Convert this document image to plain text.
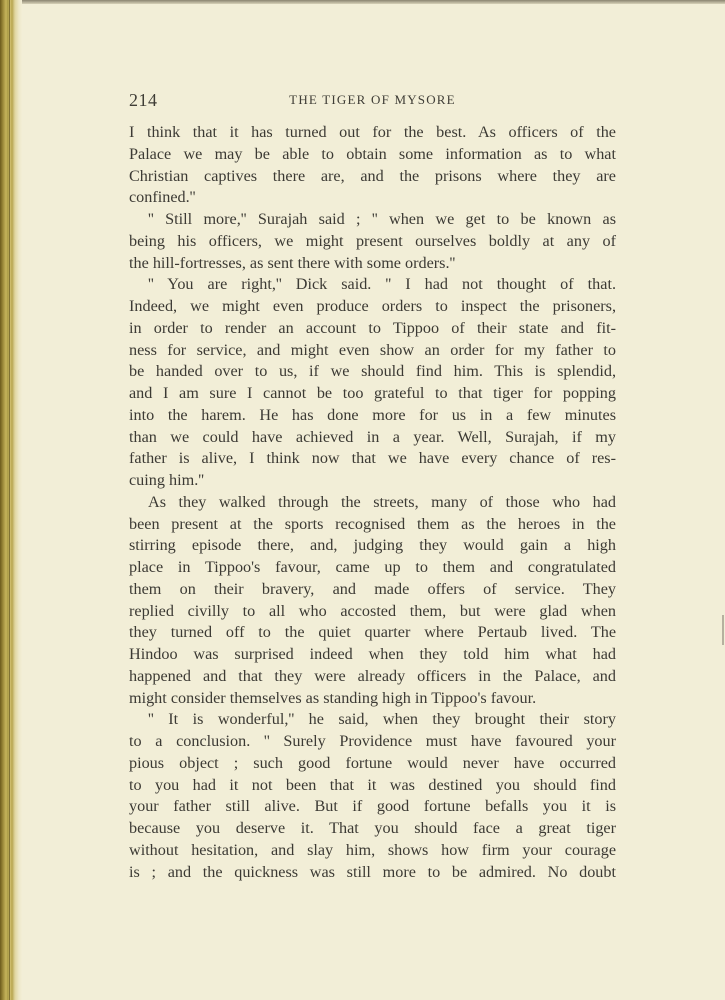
214	THE TIGER OF MYSORE
I think that it has turned out for the best. As officers of the
Palace we may be able to obtain some information as to what
Christian captives there are, and the prisons where they are
confined.''
'' Still more,'' Surajah said ; '' when we get to be known as
being his officers, we might present ourselves boldly at any of
the hill-fortresses, as sent there with some orders.''
'' You are right,'' Dick said. '' I had not thought of that.
Indeed, we might even produce orders to inspect the prisoners,
in order to render an account to Tippoo of their state and fit-
ness for service, and might even show an order for my father to
be handed over to us, if we should find him. This is splendid,
and I am sure I cannot be too grateful to that tiger for popping
into the harem. He has done more for us in a few minutes
than we could have achieved in a year. Well, Surajah, if my
father is alive, I think now that we have every chance of res-
cuing him.''
As they walked through the streets, many of those who had
been present at the sports recognised them as the heroes in the
stirring episode there, and, judging they would gain a high
place in Tippoo's favour, came up to them and congratulated
them on their bravery, and made offers of service. They
replied civilly to all who accosted them, but were glad when
they turned off to the quiet quarter where Pertaub lived. The
Hindoo was surprised indeed when they told him what had
happened and that they were already officers in the Palace, and
might consider themselves as standing high in Tippoo's favour.
'' It is wonderful,'' he said, when they brought their story
to a conclusion. '' Surely Providence must have favoured your
pious object ; such good fortune would never have occurred
to you had it not been that it was destined you should find
your father still alive. But if good fortune befalls you it is
because you deserve it. That you should face a great tiger
without hesitation, and slay him, shows how firm your courage
is ; and the quickness was still more to be admired. No doubt
